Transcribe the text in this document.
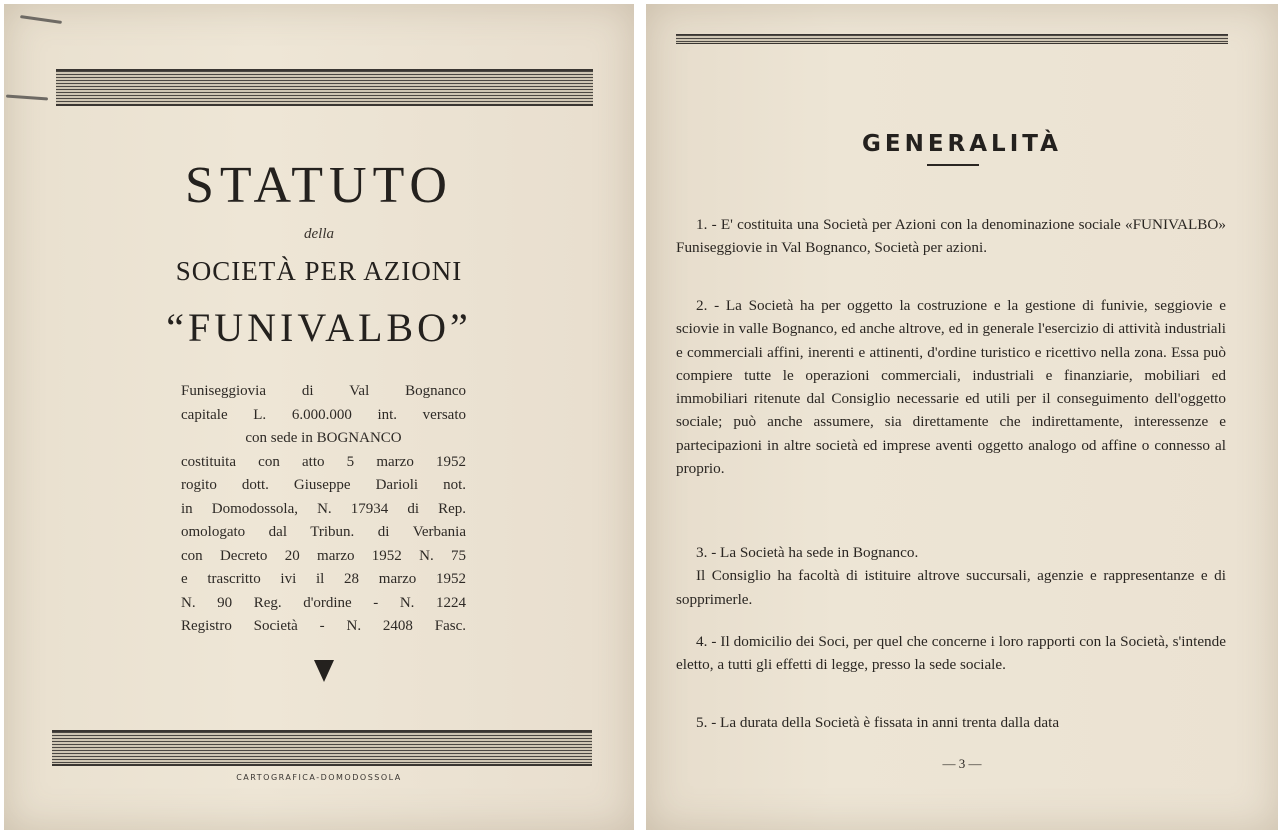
STATUTO
della
SOCIETÀ PER AZIONI
“FUNIVALBO”
Funiseggiovia di Val Bognanco
capitale L. 6.000.000 int. versato
con sede in BOGNANCO
costituita con atto 5 marzo 1952
rogito dott. Giuseppe Darioli not.
in Domodossola, N. 17934 di Rep.
omologato dal Tribun. di Verbania
con Decreto 20 marzo 1952 N. 75
e trascritto ivi il 28 marzo 1952
N. 90 Reg. d'ordine - N. 1224
Registro Società - N. 2408 Fasc.
CARTOGRAFICA-DOMODOSSOLA
GENERALITÀ

1. - E' costituita una Società per Azioni con la denominazione sociale «FUNIVALBO» Funiseggiovie in Val Bognanco, Società per azioni.

2. - La Società ha per oggetto la costruzione e la gestione di funivie, seggiovie e sciovie in valle Bognanco, ed anche altrove, ed in generale l'esercizio di attività industriali e commerciali affini, inerenti e attinenti, d'ordine turistico e ricettivo nella zona. Essa può compiere tutte le operazioni commerciali, industriali e finanziarie, mobiliari ed immobiliari ritenute dal Consiglio necessarie ed utili per il conseguimento dell'oggetto sociale; può anche assumere, sia direttamente che indirettamente, interessenze e partecipazioni in altre società ed imprese aventi oggetto analogo od affine o connesso al proprio.

3. - La Società ha sede in Bognanco.

Il Consiglio ha facoltà di istituire altrove succursali, agenzie e rappresentanze e di sopprimerle.

4. - Il domicilio dei Soci, per quel che concerne i loro rapporti con la Società, s'intende eletto, a tutti gli effetti di legge, presso la sede sociale.

5. - La durata della Società è fissata in anni trenta dalla data

— 3 —
